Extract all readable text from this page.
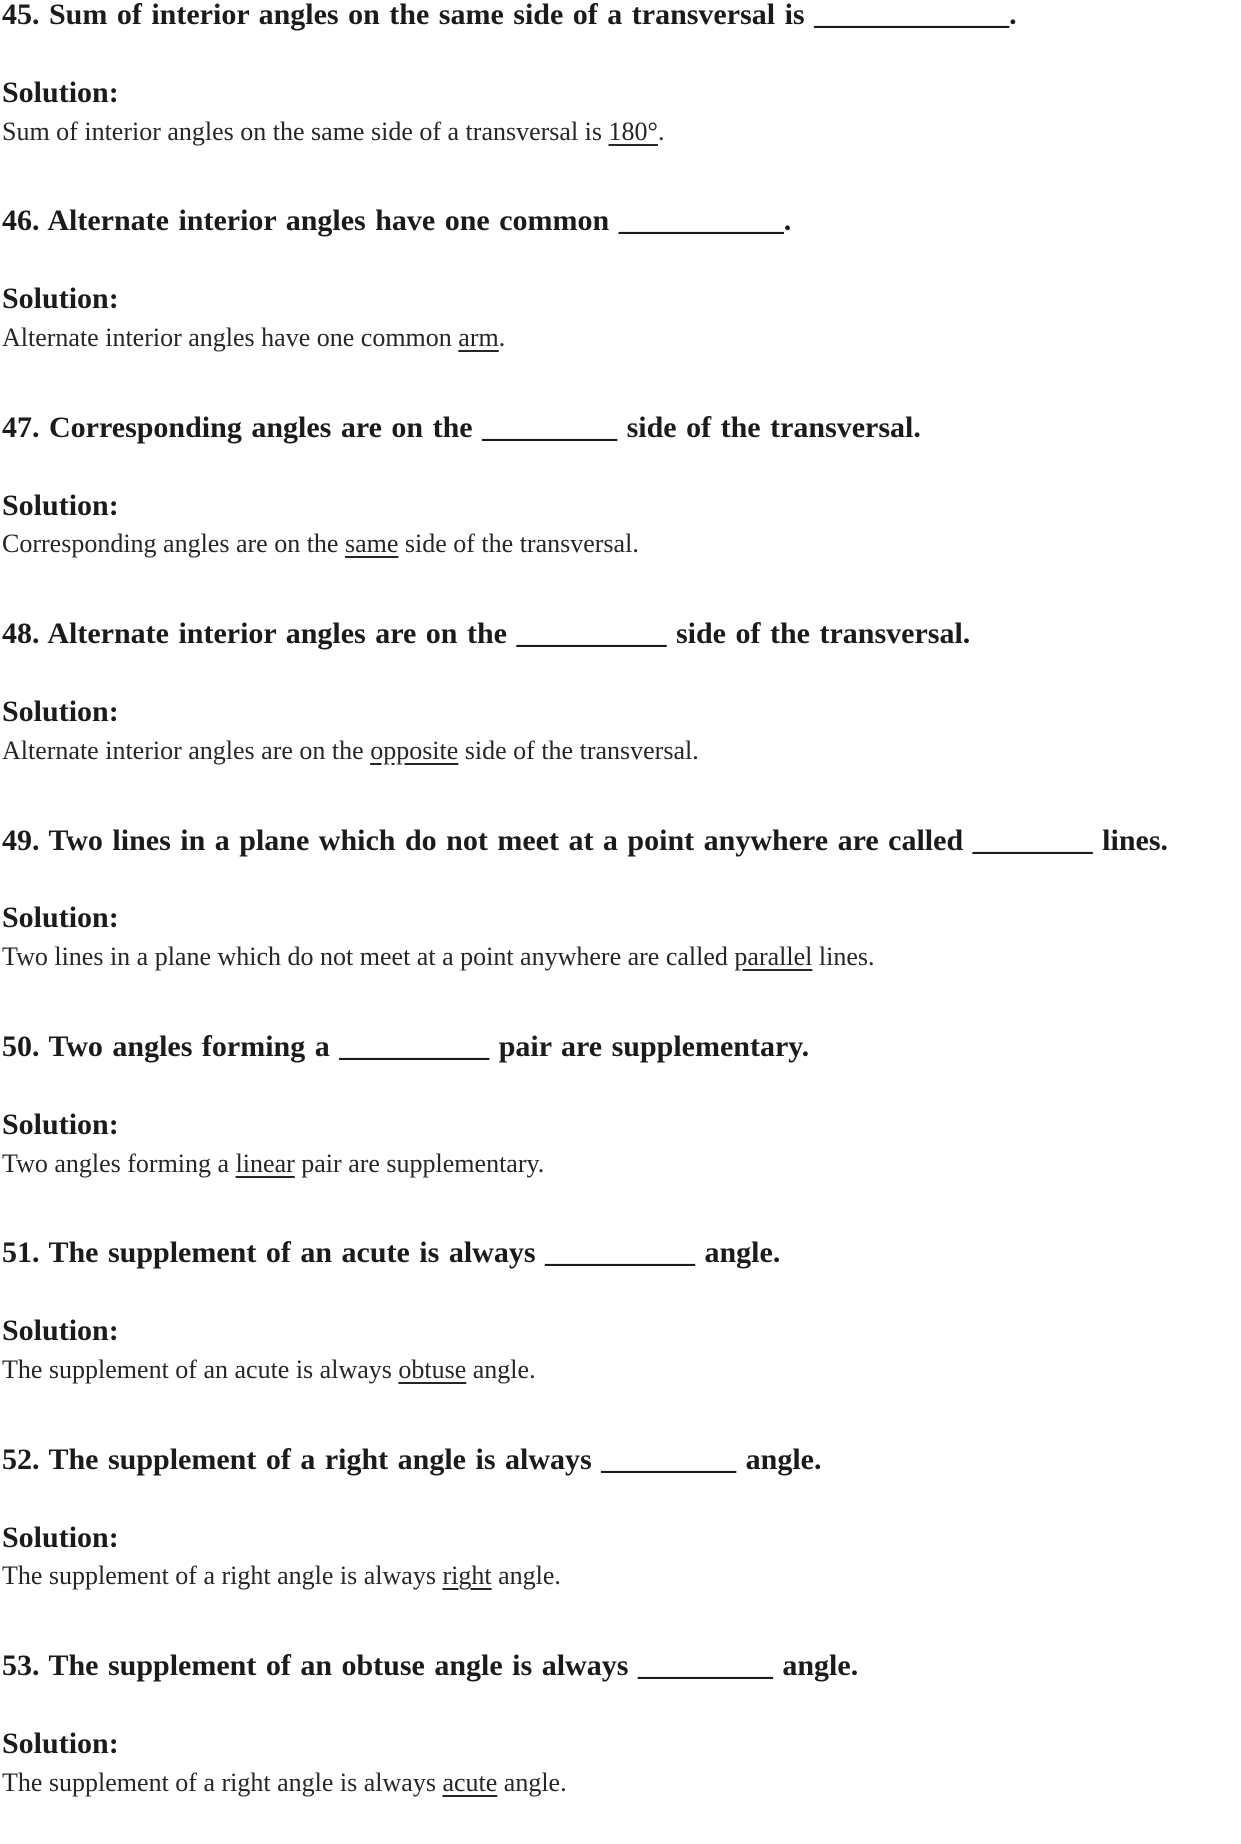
45. Sum of interior angles on the same side of a transversal is _____________.

Solution:

Sum of interior angles on the same side of a transversal is 180°.

46. Alternate interior angles have one common ___________.

Solution:

Alternate interior angles have one common arm.

47. Corresponding angles are on the _________ side of the transversal.

Solution:

Corresponding angles are on the same side of the transversal.

48. Alternate interior angles are on the __________ side of the transversal.

Solution:

Alternate interior angles are on the opposite side of the transversal.

49. Two lines in a plane which do not meet at a point anywhere are called ________ lines.

Solution:

Two lines in a plane which do not meet at a point anywhere are called parallel lines.

50. Two angles forming a __________ pair are supplementary.

Solution:

Two angles forming a linear pair are supplementary.

51. The supplement of an acute is always __________ angle.

Solution:

The supplement of an acute is always obtuse angle.

52. The supplement of a right angle is always _________ angle.

Solution:

The supplement of a right angle is always right angle.

53. The supplement of an obtuse angle is always _________ angle.

Solution:

The supplement of a right angle is always acute angle.
